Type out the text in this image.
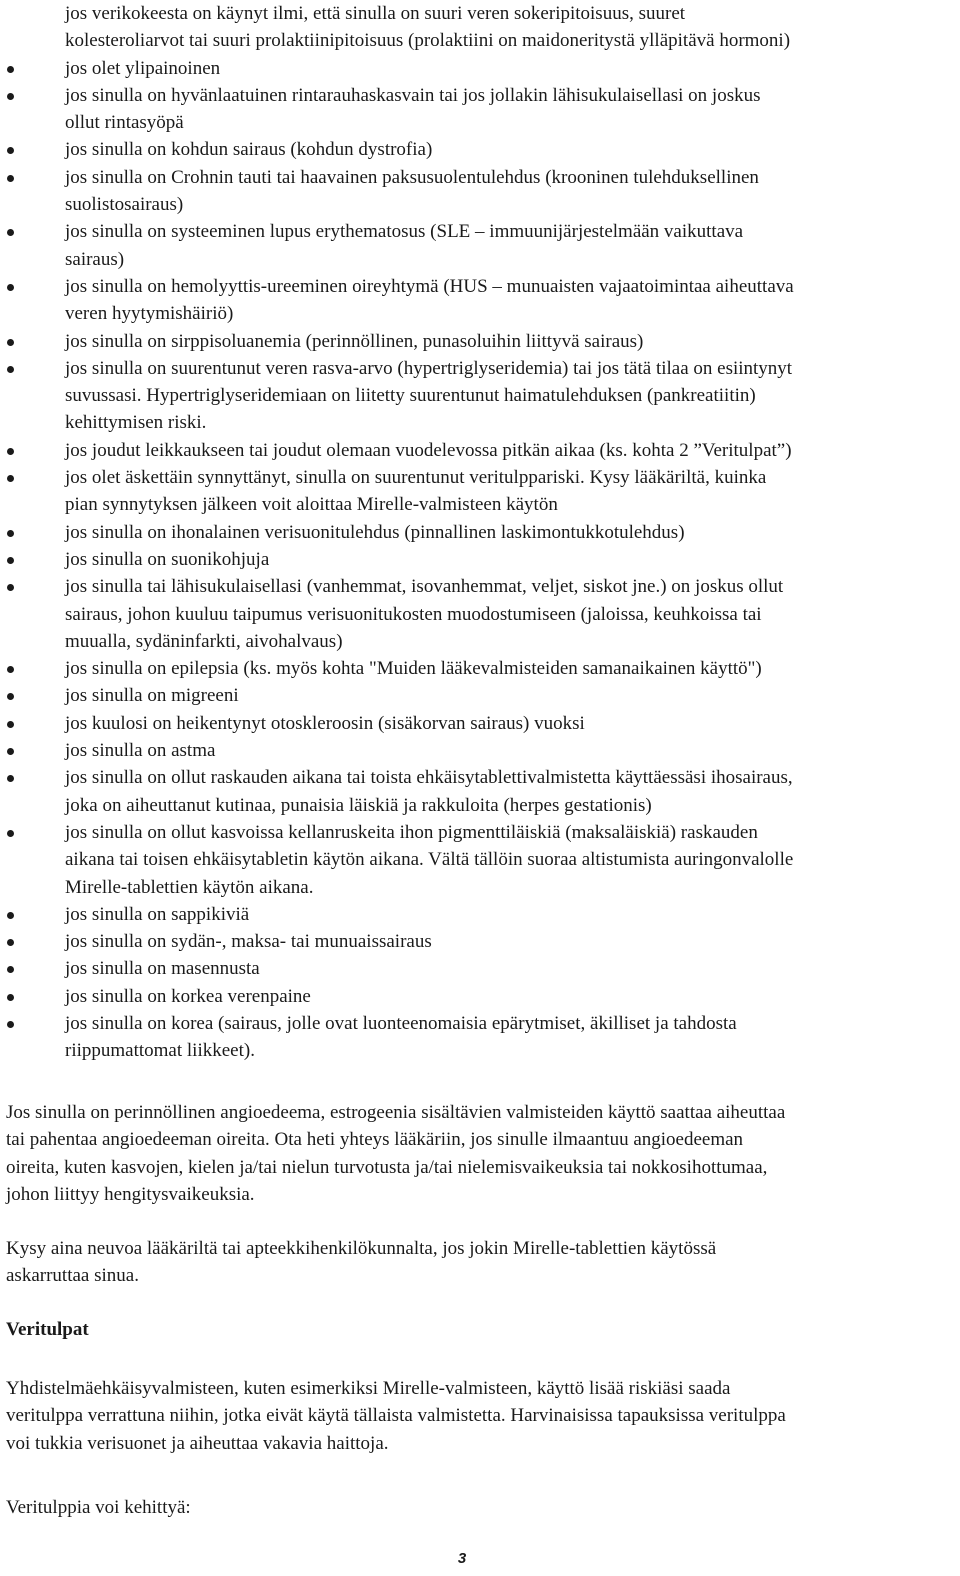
jos verikokeesta on käynyt ilmi, että sinulla on suuri veren sokeripitoisuus, suuret
kolesteroliarvot tai suuri prolaktiinipitoisuus (prolaktiini on maidoneritystä ylläpitävä hormoni)
jos olet ylipainoinen
jos sinulla on hyvänlaatuinen rintarauhaskasvain tai jos jollakin lähisukulaisellasi on joskus
ollut rintasyöpä
jos sinulla on kohdun sairaus (kohdun dystrofia)
jos sinulla on Crohnin tauti tai haavainen paksusuolentulehdus (krooninen tulehduksellinen
suolistosairaus)
jos sinulla on systeeminen lupus erythematosus (SLE – immuunijärjestelmään vaikuttava
sairaus)
jos sinulla on hemolyyttis-ureeminen oireyhtymä (HUS – munuaisten vajaatoimintaa aiheuttava
veren hyytymishäiriö)
jos sinulla on sirppisoluanemia (perinnöllinen, punasoluihin liittyvä sairaus)
jos sinulla on suurentunut veren rasva-arvo (hypertriglyseridemia) tai jos tätä tilaa on esiintynyt
suvussasi. Hypertriglyseridemiaan on liitetty suurentunut haimatulehduksen (pankreatiitin)
kehittymisen riski.
jos joudut leikkaukseen tai joudut olemaan vuodelevossa pitkän aikaa (ks. kohta 2 ”Veritulpat”)
jos olet äskettäin synnyttänyt, sinulla on suurentunut veritulppariski. Kysy lääkäriltä, kuinka
pian synnytyksen jälkeen voit aloittaa Mirelle-valmisteen käytön
jos sinulla on ihonalainen verisuonitulehdus (pinnallinen laskimontukkotulehdus)
jos sinulla on suonikohjuja
jos sinulla tai lähisukulaisellasi (vanhemmat, isovanhemmat, veljet, siskot jne.) on joskus ollut
sairaus, johon kuuluu taipumus verisuonitukosten muodostumiseen (jaloissa, keuhkoissa tai
muualla, sydäninfarkti, aivohalvaus)
jos sinulla on epilepsia (ks. myös kohta "Muiden lääkevalmisteiden samanaikainen käyttö")
jos sinulla on migreeni
jos kuulosi on heikentynyt otoskleroosin (sisäkorvan sairaus) vuoksi
jos sinulla on astma
jos sinulla on ollut raskauden aikana tai toista ehkäisytablettivalmistetta käyttäessäsi ihosairaus,
joka on aiheuttanut kutinaa, punaisia läiskiä ja rakkuloita (herpes gestationis)
jos sinulla on ollut kasvoissa kellanruskeita ihon pigmenttiläiskiä (maksaläiskiä) raskauden
aikana tai toisen ehkäisytabletin käytön aikana. Vältä tällöin suoraa altistumista auringonvalolle
Mirelle-tablettien käytön aikana.
jos sinulla on sappikiviä
jos sinulla on sydän-, maksa- tai munuaissairaus
jos sinulla on masennusta
jos sinulla on korkea verenpaine
jos sinulla on korea (sairaus, jolle ovat luonteenomaisia epärytmiset, äkilliset ja tahdosta
riippumattomat liikkeet).
Jos sinulla on perinnöllinen angioedeema, estrogeenia sisältävien valmisteiden käyttö saattaa aiheuttaa
tai pahentaa angioedeeman oireita. Ota heti yhteys lääkäriin, jos sinulle ilmaantuu angioedeeman
oireita, kuten kasvojen, kielen ja/tai nielun turvotusta ja/tai nielemisvaikeuksia tai nokkosihottumaa,
johon liittyy hengitysvaikeuksia.
Kysy aina neuvoa lääkäriltä tai apteekkihenkilökunnalta, jos jokin Mirelle-tablettien käytössä
askarruttaa sinua.
Veritulpat
Yhdistelmäehkäisyvalmisteen, kuten esimerkiksi Mirelle-valmisteen, käyttö lisää riskiäsi saada
veritulppa verrattuna niihin, jotka eivät käytä tällaista valmistetta. Harvinaisissa tapauksissa veritulppa
voi tukkia verisuonet ja aiheuttaa vakavia haittoja.
Veritulppia voi kehittyä:
3
